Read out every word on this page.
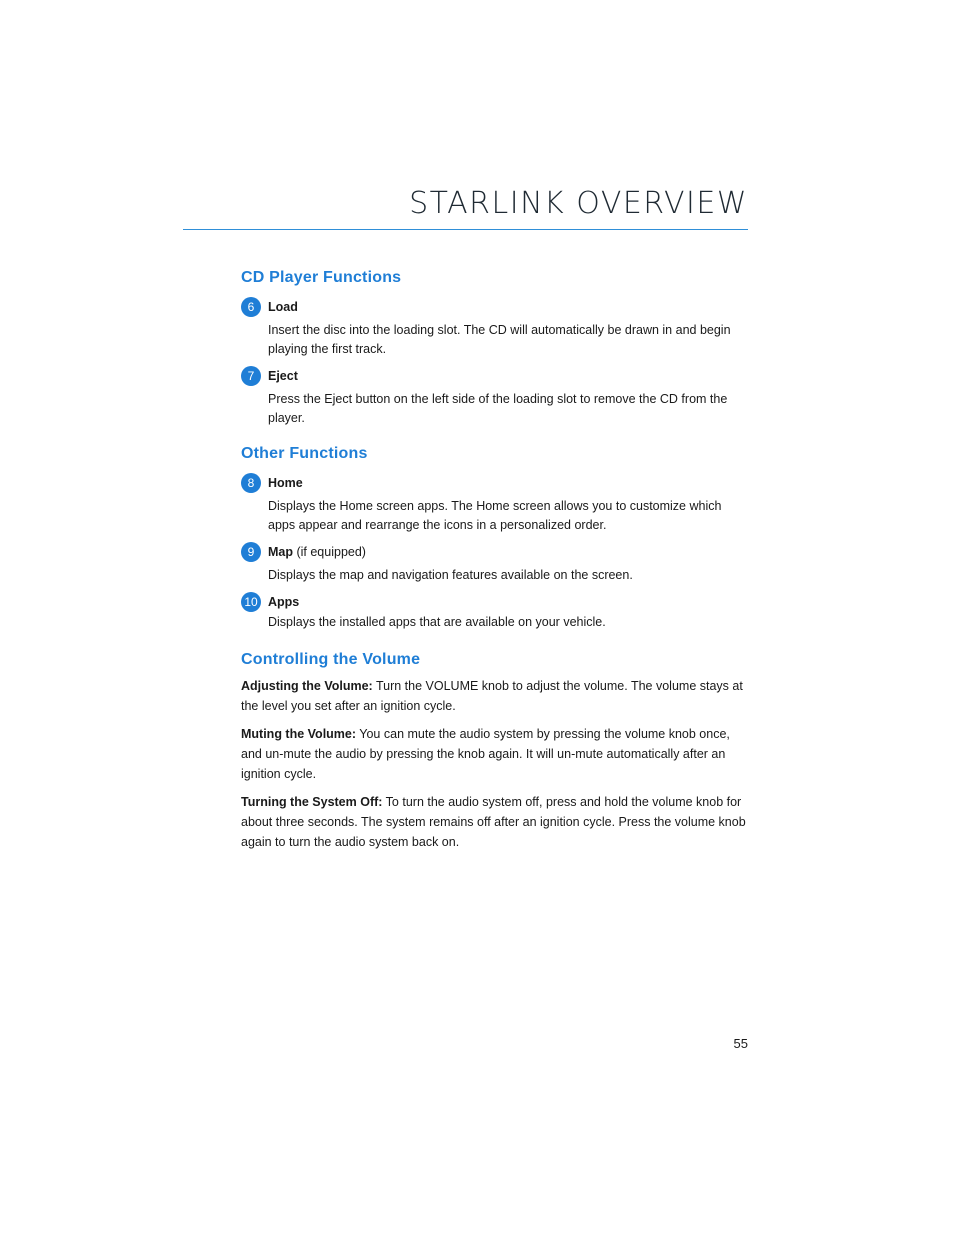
STARLINK OVERVIEW
CD Player Functions
6	Load

Insert the disc into the loading slot. The CD will automatically be drawn in and begin playing the first track.

7	Eject

Press the Eject button on the left side of the loading slot to remove the CD from the player.

Other Functions
8	Home

Displays the Home screen apps. The Home screen allows you to customize which apps appear and rearrange the icons in a personalized order.

9	Map (if equipped)

Displays the map and navigation features available on the screen.

10 Apps

Displays the installed apps that are available on your vehicle.

Controlling the Volume

Adjusting the Volume: Turn the VOLUME knob to adjust the volume. The volume stays at the level you set after an ignition cycle.

Muting the Volume: You can mute the audio system by pressing the volume knob once, and un-mute the audio by pressing the knob again. It will un-mute automatically after an ignition cycle.

Turning the System Off: To turn the audio system off, press and hold the volume knob for about three seconds. The system remains off after an ignition cycle. Press the volume knob again to turn the audio system back on.

55
